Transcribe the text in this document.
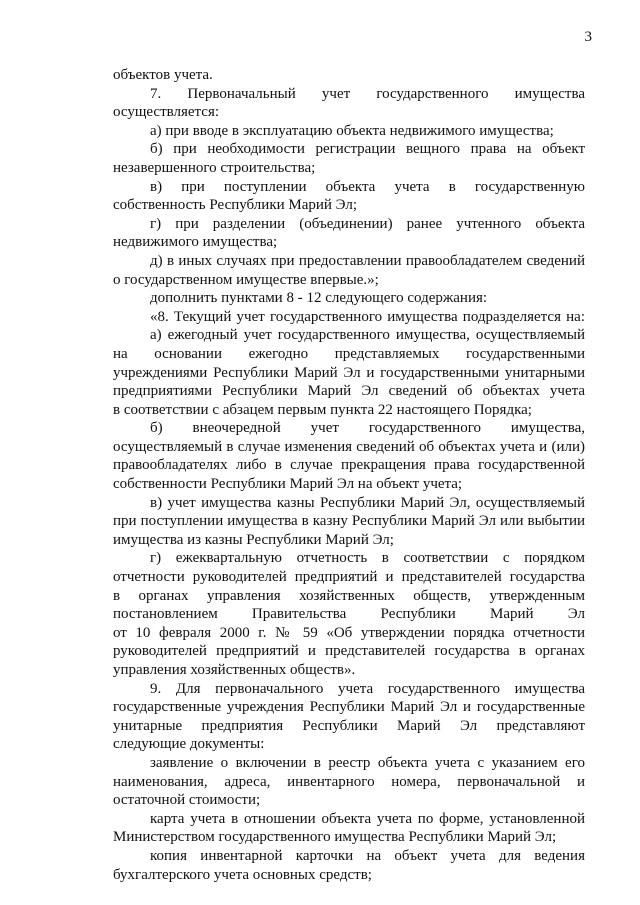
3
объектов учета.
7. Первоначальный учет государственного имущества
осуществляется:
а) при вводе в эксплуатацию объекта недвижимого имущества;
б) при необходимости регистрации вещного права на объект
незавершенного строительства;
в) при поступлении объекта учета в государственную
собственность Республики Марий Эл;
г) при разделении (объединении) ранее учтенного объекта
недвижимого имущества;
д) в иных случаях при предоставлении правообладателем сведений
о государственном имуществе впервые.»;
дополнить пунктами 8 - 12 следующего содержания:
«8. Текущий учет государственного имущества подразделяется на:
а) ежегодный учет государственного имущества, осуществляемый
на основании ежегодно представляемых государственными
учреждениями Республики Марий Эл и государственными унитарными
предприятиями Республики Марий Эл сведений об объектах учета
в соответствии с абзацем первым пункта 22 настоящего Порядка;
б) внеочередной учет государственного имущества,
осуществляемый в случае изменения сведений об объектах учета и (или)
правообладателях либо в случае прекращения права государственной
собственности Республики Марий Эл на объект учета;
в) учет имущества казны Республики Марий Эл, осуществляемый
при поступлении имущества в казну Республики Марий Эл или выбытии
имущества из казны Республики Марий Эл;
г) ежеквартальную отчетность в соответствии с порядком
отчетности руководителей предприятий и представителей государства
в органах управления хозяйственных обществ, утвержденным
постановлением Правительства Республики Марий Эл
от 10 февраля 2000 г. № 59 «Об утверждении порядка отчетности
руководителей предприятий и представителей государства в органах
управления хозяйственных обществ».
9. Для первоначального учета государственного имущества
государственные учреждения Республики Марий Эл и государственные
унитарные предприятия Республики Марий Эл представляют
следующие документы:
заявление о включении в реестр объекта учета с указанием его
наименования, адреса, инвентарного номера, первоначальной и
остаточной стоимости;
карта учета в отношении объекта учета по форме, установленной
Министерством государственного имущества Республики Марий Эл;
копия инвентарной карточки на объект учета для ведения
бухгалтерского учета основных средств;
